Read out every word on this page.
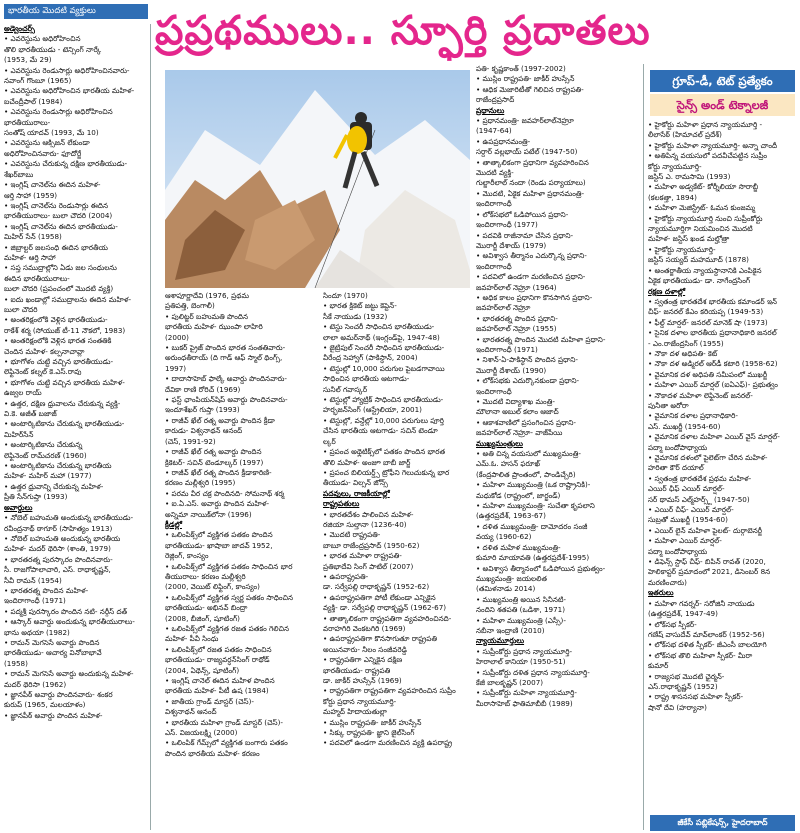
భారతీయ మొదటి వ్యక్తులు	ప్రప్రథములు.. స్ఫూర్తి ప్రదాతలు
అడ్వెంచర్స్
• ఎవరెస్టును అధిరోహించిన
తొలి భారతీయుడు - టెన్సింగ్ నార్కే
(1953, మే 29)
• ఎవరెస్టును రెండుసార్లు అధిరోహించినవారు-
నవాంగ్ గొంబూ (1965)
• ఎవరెస్టును అధిరోహించిన భారతీయ మహిళ-
బచేంద్రీపాల్ (1984)
• ఎవరెస్టును రెండుసార్లు అధిరోహించిన
భారతీయురాలు-
సంతోష్ యాదవ్ (1993, మే 10)
• ఎవరెస్టును ఆక్సిజన్ లేకుండా
అధిరోహించినవారు- ఫూదోర్జే
• ఎవరెస్టును చేరుకున్న దక్షిణ భారతీయుడు-
శేఖర్‌బాబు
• ఇంగ్లిష్ చానెల్‌ను ఈదిన మహిళ-
ఆర్తి సాహా (1959)
• ఇంగ్లిష్ చానెల్‌ను రెండుసార్లు ఈదిన
భారతీయురాలు- బులా చౌదరి (2004)
• ఇంగ్లిష్ చానెల్‌ను ఈదిన భారతీయుడు-
మిహిర్ సేన్ (1958)
• జిబ్రాల్టర్ జలసంధి ఈదిన భారతీయ
మహిళ- ఆర్తి సాహా
• సప్త సముద్రాల్లోని ఏడు జల సంధులను
ఈదిన భారతీయురాలు-
బులా చౌదరి (ప్రపంచంలో మొదటి వ్యక్తి)
• ఐదు ఖండాల్లో సముద్రాలను ఈదిన మహిళ-
బులా చౌదరి
• అంతరిక్షంలోకి వెళ్లిన భారతీయుడు-
రాకేశ్ శర్మ (సోయుజ్ టీ-11 నౌకలో, 1983)
• అంతరిక్షంలోకి వెళ్లిన భారత సంతతికి
చెందిన మహిళ- కల్పనాచావ్లా
• భూగోళం చుట్టి వచ్చిన భారతీయుడు-
లెఫ్టినెంట్ కల్నల్ కె.ఎస్.రావు
• భూగోళం చుట్టి వచ్చిన భారతీయ మహిళ-
ఉజ్వల రాయ్
• ఉత్తర, దక్షిణ ధ్రువాలను చేరుకున్న వ్యక్తి-
వి.కె. అజీత్ బజాజ్
• అంటార్కిటికాను చేరుకున్న భారతీయుడు-
మిహిర్‌సేన్
• అంటార్కిటికాను చేరుకున్న
లెఫ్టినెంట్ రామ్‌చరణ్ (1960)
• అంటార్కిటికాను చేరుకున్న భారతీయ
మహిళ- మహిర్ మహా (1977)
• ఉత్తర ధ్రువాన్ని చేరుకున్న మహిళ-
ప్రీతి సేన్‌గుప్తా (1993)
అవార్డులు
• నోబెల్ బహుమతి అందుకున్న భారతీయుడు-
రవీంద్రనాథ్ ఠాగూర్ (సాహిత్యం 1913)
• నోబెల్ బహుమతి అందుకున్న భారతీయ
మహిళ- మదర్ థెరిసా (శాంతి, 1979)
• భారతరత్న పురస్కారం పొందినవారు-
సీ. రాజగోపాలాచారి, ఎస్. రాధాకృష్ణన్,
సీవీ రామన్ (1954)
• భారతరత్న పొందిన మహిళ-
ఇందిరాగాంధీ (1971)
• పద్మశ్రీ పురస్కారం పొందిన నటి- నర్గీస్ దత్
• ఆస్కార్ అవార్డు అందుకున్న భారతీయురాలు-
భాను అథయా (1982)
• రామన్ మెగసెసే అవార్డు పొందిన
భారతీయుడు- ఆచార్య వినోబాభావే
(1958)
• రామన్ మెగసెసే అవార్డు అందుకున్న మహిళ-
మదర్ థెరిసా (1962)
• జ్ఞానపీఠ్ అవార్డు పొందినవారు- శంకర
కురుప్ (1965, మలయాళం)
• జ్ఞానపీఠ్ అవార్డు పొందిన మహిళ-
ఆశాపూర్ణాదేవి (1976, ప్రథమ
ప్రతిపత్తి, బెంగాలీ)
• పులిట్జర్ బహుమతి పొందిన
భారతీయ మహిళ- ఝుంపా లాహిరి
(2000)
• బుకర్ ప్రైజ్ పొందిన భారత సంతతివారు-
అరుంధతీరాయ్ (ది గాడ్ ఆఫ్ స్మాల్ థింగ్స్,
1997)
• దాదాసాహెబ్ ఫాల్కే అవార్డు పొందినవారు-
దేవికా రాణి రోరిచ్ (1969)
• ఫస్ట్ ఛాంపియన్‌షిప్ అవార్డు పొందినవారు-
ఇందూశేఖర్ గుప్తా (1993)
• రాజీవ్ ఖేల్ రత్న అవార్డు పొందిన క్రీడా
కారుడు- విశ్వనాథన్ ఆనంద్
(చెస్, 1991-92)
• రాజీవ్ ఖేల్ రత్న అవార్డు పొందిన
క్రికెటర్- సచిన్ టెండూల్కర్ (1997)
• రాజీవ్ ఖేల్ రత్న పొందిన క్రీడాకారిణి-
కరణం మల్లీశ్వరి (1995)
• పరమ వీర చక్ర పొందినది- సోమనాథ్ శర్మ
• ఐ.ఏ.ఎస్. అవార్డు పొందిన మహిళ-
అన్నిమా నాయిక్‌లోనా (1996)
క్రీడల్లో
• ఒలింపిక్స్‌లో వ్యక్తిగత పతకం పొందిన
భారతీయుడు- ఖాషాబా జాదవ్ 1952,
రెజ్లింగ్, కాంస్యం
• ఒలింపిక్స్‌లో వ్యక్తిగత పతకం సాధించిన భార
తీయురాలు- కరణం మల్లీశ్వరి
(2000, వెయిట్ లిఫ్టింగ్, కాంస్యం)
• ఒలింపిక్స్‌లో వ్యక్తిగత స్వర్ణ పతకం సాధించిన
భారతీయుడు- అభినవ్ బింద్రా
(2008, బీజింగ్, షూటింగ్)
• ఒలింపిక్స్‌లో వ్యక్తిగత రజత పతకం గెలిచిన
మహిళ- పీవీ సింధు
• ఒలింపిక్స్‌లో రజత పతకం సాధించిన
భారతీయుడు- రాజ్యవర్ధన్‌సింగ్ రాథోడ్
(2004, ఏథెన్స్, షూటింగ్)
• ఇంగ్లిష్ చానెల్ ఈదిన మహిళ పొందిన
భారతీయ మహిళ- పీటీ ఉష (1984)
• జాతీయ గ్రాండ్ మాస్టర్ (చెస్)-
విశ్వనాథన్ ఆనంద్
• భారతీయ మహిళా గ్రాండ్ మాస్టర్ (చెస్)-
ఎస్. విజయలక్ష్మి (2000)
• ఒలింపిక్ గేమ్స్‌లో వ్యక్తిగత బంగారు పతకం
పొందిన భారతీయ మహిళ- కరణం
సిందూ (1970)
• భారత క్రికెట్ జట్టు కెప్టెన్-
సీకే నాయుడు (1932)
• టెస్టు సెంచరీ సాధించిన భారతీయుడు-
లాలా అమర్‌నాథ్ (ఇంగ్లండ్‌పై, 1947-48)
• జైట్రిపుల్ సెంచరీ సాధించిన భారతీయుడు-
వీరేంద్ర సెహ్వాగ్ (పాకిస్థాన్, 2004)
• టెస్టుల్లో 10,000 పరుగుల పైబడగావాయి
సాధించిన భారతీయ ఆటగాడు-
సునీల్ గవాస్కర్
• టెస్టుల్లో హ్యాట్రిక్ సాధించిన భారతీయుడు-
హర్భజన్‌సింగ్ (ఆస్ట్రేలియా, 2001)
• టెస్టుల్లో, వన్డేల్లో 10,000 పరుగులు పూర్తి
చేసిన భారతీయ ఆటగాడు- సచిన్ టెండూ
ల్కర్
• ప్రపంచ అథ్లెటిక్స్‌లో పతకం పొందిన భారత
తొలి మహిళ- అంజూ బాబీ జార్జ్
• ప్రపంచ బిలియర్డ్స్ ట్రోఫీని గెలుచుకున్న భార
తీయుడు- విల్సన్ జోన్స్
పదవులు, రాజకీయాల్లో
రాష్ట్రపతులు
• భారతదేశం పాలించిన మహిళ-
రజియా సుల్తానా (1236-40)
• మొదటి రాష్ట్రపతి-
బాబూ రాజేంద్రప్రసాద్ (1950-62)
• భారత మహిళా రాష్ట్రపతి-
ప్రతిభాదేవి సింగ్ పాటిల్ (2007)
• ఉపరాష్ట్రపతి-
డా. సర్వేపల్లి రాధాకృష్ణన్ (1952-62)
• ఉపరాష్ట్రపతిగా పోటీ లేకుండా ఎన్నికైన
వ్యక్తి- డా. సర్వేపల్లి రాధాకృష్ణన్ (1962-67)
• తాత్కాలికంగా రాష్ట్రపతిగా వ్యవహరించినది-
వరాహగిరి వెంకటగిరి (1969)
• ఉపరాష్ట్రపతిగా కొనసాగుతూ రాష్ట్రపతి
అయినవారు- నీలం సంజీవరెడ్డి
• రాష్ట్రపతిగా ఎన్నికైన దక్షిణ
భారతీయుడు- రాష్ట్రపతి
డా. జాకీర్ హుస్సేన్ (1969)
• రాష్ట్రపతిగా రాష్ట్రపతిగా వ్యవహరించిన సుప్రీం
కోర్టు ప్రధాన న్యాయమూర్తి-
మహ్మద్ హిదాయతుల్లా
• ముస్లిం రాష్ట్రపతి- జాకీర్ హుస్సేన్
• సిక్కు రాష్ట్రపతి- జ్ఞాని జైల్‌సింగ్
• పదవిలో ఉండగా మరణించిన వ్యక్తి ఉపరాష్ట్ర
పతి- కృష్ణకాంత్ (1997-2002)
• ముస్లిం రాష్ట్రపతి- జాకీర్ హుస్సేన్
• ఆధిక మెజారిటీతో గెలిచిన రాష్ట్రపతి-
రాజేంద్రప్రసాద్
ప్రధానులు
• ప్రధానమంత్రి- జవహర్‌లాల్‌నెహ్రూ
(1947-64)
• ఉపప్రధానమంత్రి-
సర్దార్ వల్లభాయ్ పటేల్ (1947-50)
• తాత్కాలికంగా ప్రధానిగా వ్యవహరించిన
మొదటి వ్యక్తి-
గుల్జారీలాల్ నందా (రెండు పర్యాయాలు)
• మొదటి, ఏకైక మహిళా ప్రధానమంత్రి-
ఇందిరాగాంధీ
• లోక్‌సభలో ఓడిపోయిన ప్రధాని-
ఇందిరాగాంధీ (1977)
• పదవికి రాజీనామా చేసిన ప్రధాని-
మొరార్జీ దేశాయ్ (1979)
• అవిశ్వాస తీర్మానం ఎదుర్కొన్న ప్రధాని-
ఇందిరాగాంధీ
• పదవిలో ఉండగా మరణించిన ప్రధాని-
జవహర్‌లాల్ నెహ్రూ (1964)
• అధిక కాలం ప్రధానిగా కొనసాగిన ప్రధాని-
జవహర్‌లాల్ నెహ్రూ
• భారతరత్న పొందిన ప్రధాని-
జవహర్‌లాల్ నెహ్రూ (1955)
• భారతరత్న పొందిన మొదటి మహిళా ప్రధాని-
ఇందిరాగాంధీ (1971)
• నిశాన్-ఏ-పాకిస్థాన్ పొందిన ప్రధాని-
మొరార్జీ దేశాయ్ (1990)
• లోక్‌సభకు ఎదుర్కొనకుండా ప్రధాని-
ఇందిరాగాంధీ
• మొదటి విద్యాశాఖ మంత్రి-
మౌలానా అబుల్ కలాం ఆజాద్
• ఆకాశవాణిలో ప్రసంగించిన ప్రధాని-
జవహర్‌లాల్ నెహ్రూ- వాజ్‌పేయి
ముఖ్యమంత్రులు
• అతి చిన్న వయసులో ముఖ్యమంత్రి-
ఎమ్.ఓ. హసన్ ఫరూఖ్
(కేంద్రపాలిత ప్రాంతంలో, పాండిచ్చేరి)
• మహిళా ముఖ్యమంత్రి (ఒక రాష్ట్రానికి)-
మధుకోడ (రాష్ట్రంలో, జార్ఖండ్)
• మహిళా ముఖ్యమంత్రి- సుచేతా కృపలాని
(ఉత్తరప్రదేశ్, 1963-67)
• దళిత ముఖ్యమంత్రి- దామోదరం సంజీ
వయ్య (1960-62)
• దళిత మహిళ ముఖ్యమంత్రి-
కుమారి మాయావతి (ఉత్తరప్రదేశ్-1995)
• అవిశ్వాస తీర్మానంలో ఓడిపోయిన ప్రభుత్వం-
ముఖ్యమంత్రి- జయలలిత
(తమిళనాడు 2014)
• ముఖ్యమంత్రి అయిన సినీనటి-
నందిని శతపతి (ఒడిశా, 1971)
• మహిళా ముఖ్యమంత్రి (ఎస్సీ)-
నబీనా ఇంద్రాణి (2010)
న్యాయమూర్తులు
• సుప్రీంకోర్టు ప్రధాన న్యాయమూర్తి-
హిరాలాల్ కానియా (1950-51)
• సుప్రీంకోర్టు దళిత ప్రధాన న్యాయమూర్తి-
కేజీ బాలకృష్ణన్ (2007)
• సుప్రీంకోర్టు మహిళా న్యాయమూర్తి-
మీరాసాహెబ్ ఫాతిమాబీబీ (1989)
గ్రూప్-డీ, టెట్ ప్రత్యేకం
సైన్స్ అండ్ టెక్నాలజీ
• హైకోర్టు మహిళా ప్రధాన న్యాయమూర్తి -
లీలాసేఠ్ (హిమాచల్ ప్రదేశ్)
• హైకోర్టు మహిళా న్యాయమూర్తి- అన్నా చాందీ
• అతిపిన్న వయసులో పదవీచేపట్టిన సుప్రీం
కోర్టు న్యాయమూర్తి-
జస్టిస్ ఎ. రామసామి (1993)
• మహిళా అడ్వకేట్- కోర్నీలియా సొరాబ్జీ
(కలకత్తా, 1894)
• మహిళా మెజిస్ట్రేట్- ఓమన కుంజమ్మ
• హైకోర్టు న్యాయమూర్తి నుంచి సుప్రీంకోర్టు
న్యాయమూర్తిగా నియమించిన మొదటి
మహిళ- జస్టిస్ ఖండ మల్హోత్రా
• హైకోర్టు న్యాయమూర్తి-
జస్టిస్ సయ్యద్ మహమూద్ (1878)
• అంతర్జాతీయ న్యాయస్థానానికి ఎంపికైన
ఏకైక భారతీయుడు- డా. నాగేంద్రసింగ్
రక్షణ దళాల్లో
• స్వతంత్ర భారతదేశ భారతీయ కమాండర్ ఇన్
చీఫ్- జనరల్ కేఎం కరియప్ప (1949-53)
• ఫీల్డ్ మార్షల్- జనరల్ మానెక్ షా (1973)
• సైనిక దళాల భారతీయ ప్రధానాధికారి జనరల్
- ఎం.రాజేంద్రసింగ్ (1955)
• నౌకా దళ అధిపతి- కెట్
• నౌకా దళ అడ్మిరల్ ఆర్‌డీ కటారి (1958-62)
• వైమానిక దళ అధిపతి సమీపంలో ముఖర్జీ
• మహిళా ఎయిర్ మార్షల్ (ఐఏఎఫ్)- ప్రభుత్వం
• నౌకాదళ మహిళా లెఫ్టినెంట్ జనరల్-
పునీతా అరోరా
• వైమానిక దళాల ప్రధానాధికారి-
ఎస్. ముఖర్జీ (1954-60)
• వైమానిక దళాల మహిళా ఎయిర్ వైస్ మార్షల్-
పద్మా బందోపాధ్యాయ
• వైమానిక దళంలో పైలెట్‌గా చేరిన మహిళ-
హరితా కౌర్ దయాల్
• స్వతంత్ర భారతదేశ ప్రథమ మహిళ-
ఎయిర్ ఛీఫ్ ఎయిర్ మార్షల్-
సర్ థామస్ ఎల్మ్‌హర్స్ట్ (1947-50)
• ఎయిర్ చీఫ్- ఎయిర్ మార్షల్-
సుబ్రతో ముఖర్జీ (1954-60)
• ఎయిర్ లైన్ మహిళా పైలట్- దుర్గాబెనర్జీ
• మహిళా ఎయిర్ మార్షల్-
పద్మా బందోపాధ్యాయ
• డిఫెన్స్ స్టాఫ్ చీఫ్- బిపిన్ రావత్ (2020,
హెలికాప్టర్ ప్రమాదంలో 2021, డిసెంబర్ 8న
మరణించారు)
ఇతరులు
• మహిళా గవర్నర్- సరోజినీ నాయుడు
(ఉత్తరప్రదేశ్, 1947-49)
• లోక్‌సభ స్పీకర్-
గణేష్ వాసుదేవ్ మావ్‌లాంకర్ (1952-56)
• లోక్‌సభ దళిత స్పీకర్- జీఎంసీ బాలయోగి
• లోక్‌సభ తొలి మహిళా స్పీకర్- మీరా
కుమార్
• రాజ్యసభ మొదటి ఛైర్మన్-
ఎస్.రాధాకృష్ణన్ (1952)
• రాష్ట్ర శాసనసభ మహిళా స్పీకర్-
షానో దేవి (హర్యానా)
జీకేసీ పబ్లికేషన్స్, హైదరాబాద్
